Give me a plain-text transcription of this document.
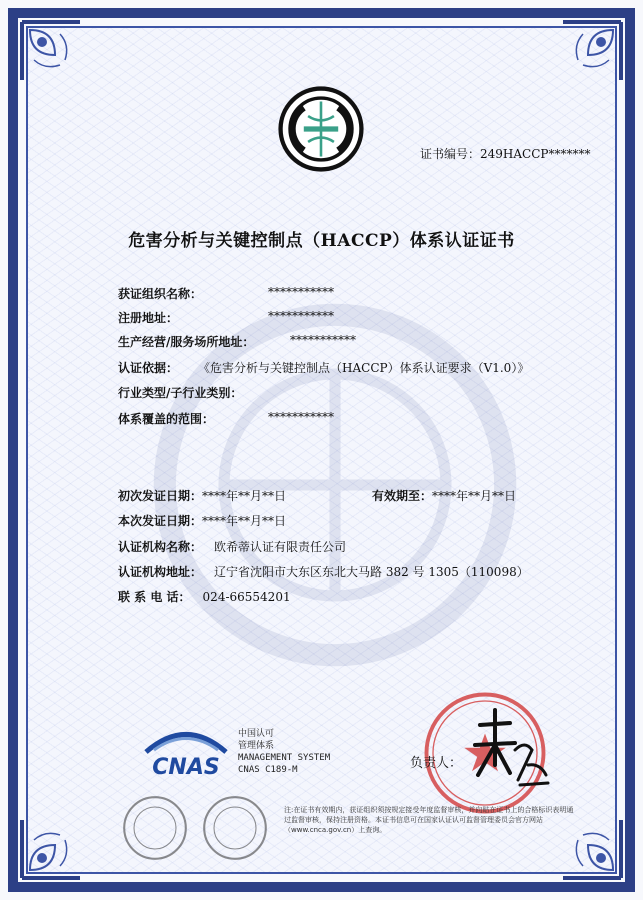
证书编号：249HACCP*******
危害分析与关键控制点（HACCP）体系认证证书
获证组织名称：	***********
注册地址：	***********
生产经营/服务场所地址：	***********
认证依据： 《危害分析与关键控制点（HACCP）体系认证要求（V1.0）》
行业类型/子行业类别：
体系覆盖的范围：	***********
初次发证日期：****年**月**日	有效期至：****年**月**日
本次发证日期：****年**月**日
认证机构名称： 欧希蒂认证有限责任公司
认证机构地址： 辽宁省沈阳市大东区东北大马路 382 号 1305（110098）
联 系 电 话： 024-66554201
CNAS
中国认可
管理体系
MANAGEMENT SYSTEM
CNAS C189-M	负责人：
注:在证书有效期内，获证组织须按规定接受年度监督审核，并向贴在证书上的合格标识表明通过监督审核，保持注册资格。本证书信息可在国家认证认可监督管理委员会官方网站（www.cnca.gov.cn）上查询。
